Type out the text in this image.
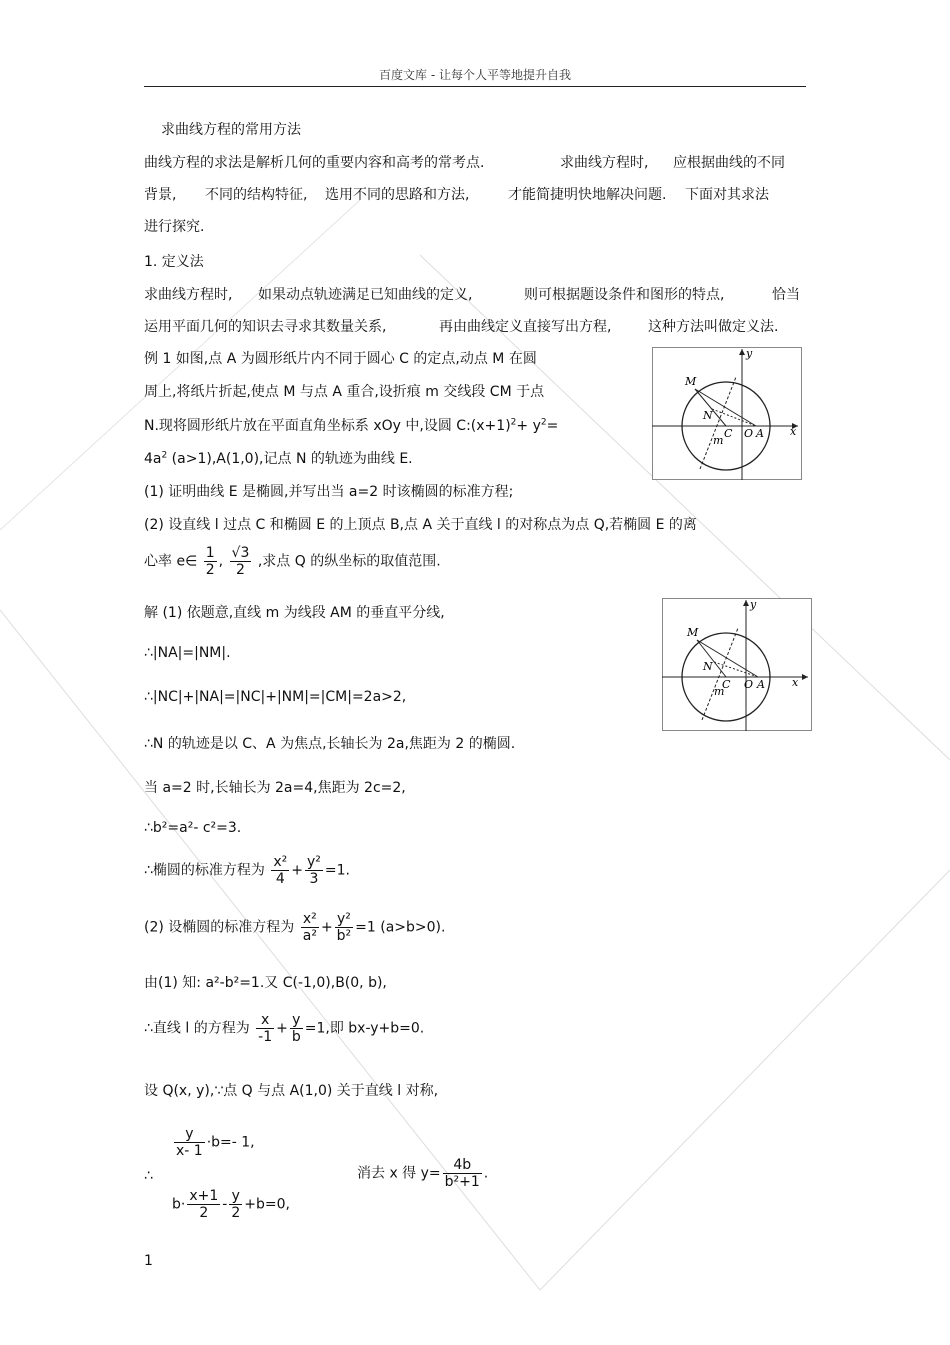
百度文库 - 让每个人平等地提升自我
求曲线方程的常用方法
曲线方程的求法是解析几何的重要内容和高考的常考点.	求曲线方程时, 应根据曲线的不同
背景, 不同的结构特征, 选用不同的思路和方法,	才能简捷明快地解决问题. 下面对其求法
进行探究.
1. 定义法
求曲线方程时, 如果动点轨迹满足已知曲线的定义,	则可根据题设条件和图形的特点,	恰当
运用平面几何的知识去寻求其数量关系,	再由曲线定义直接写出方程,	这种方法叫做定义法.
例 1 如图,点 A 为圆形纸片内不同于圆心 C 的定点,动点 M 在圆
周上,将纸片折起,使点 M 与点 A 重合,设折痕 m 交线段 CM 于点
N.现将圆形纸片放在平面直角坐标系 xOy 中,设圆 $C:(x+1)^2+ y^2=$
$4a^2$ (a>1),A(1,0),记点 N 的轨迹为曲线 E.
(1) 证明曲线 E 是椭圆,并写出当 a=2 时该椭圆的标准方程;
(2) 设直线 l 过点 C 和椭圆 E 的上顶点 B,点 A 关于直线 l 的对称点为点 Q,若椭圆 E 的离
心率 e∈ $\frac{1}{2}$ , $\frac{√3}{2}$ ,求点 Q 的纵坐标的取值范围.
解 (1) 依题意,直线 m 为线段 AM 的垂直平分线,
∴|NA|=|NM|.
∴|NC|+|NA|=|NC|+|NM|=|CM|=2a>2,
∴N 的轨迹是以 C、A 为焦点,长轴长为 2a,焦距为 2 的椭圆.
当 a=2 时,长轴长为 2a=4,焦距为 2c=2,
∴b²=a²- c²=3.
∴椭圆的标准方程为 $\frac{\text{x²}}{4} + \frac{\text{y²}}{3} =1$.
(2) 设椭圆的标准方程为 $\frac{\text{x²}}{\text{a²}} + \frac{\text{y²}}{\text{b²}} =1$ (a>b>0).
由(1) 知: a²-b²=1.又 C(-1,0),B(0, b),
∴直线 l 的方程为 $\frac{x}{-1} + \frac{y}{b} =1$,即 bx-y+b=0.
设 Q(x, y),∵点 Q 与点 A(1,0) 关于直线 l 对称,
∴
$\frac{y}{x- 1} \cdot b=-$ 1,
$b\cdot \frac{x+1}{2} - \frac{y}{2} +b=0$,
消去 x 得 $y= \frac{4b}{\text{b²+1}}$ .
1
M
N
C O A
m
x
y
M
N
C O A
m
x
y
